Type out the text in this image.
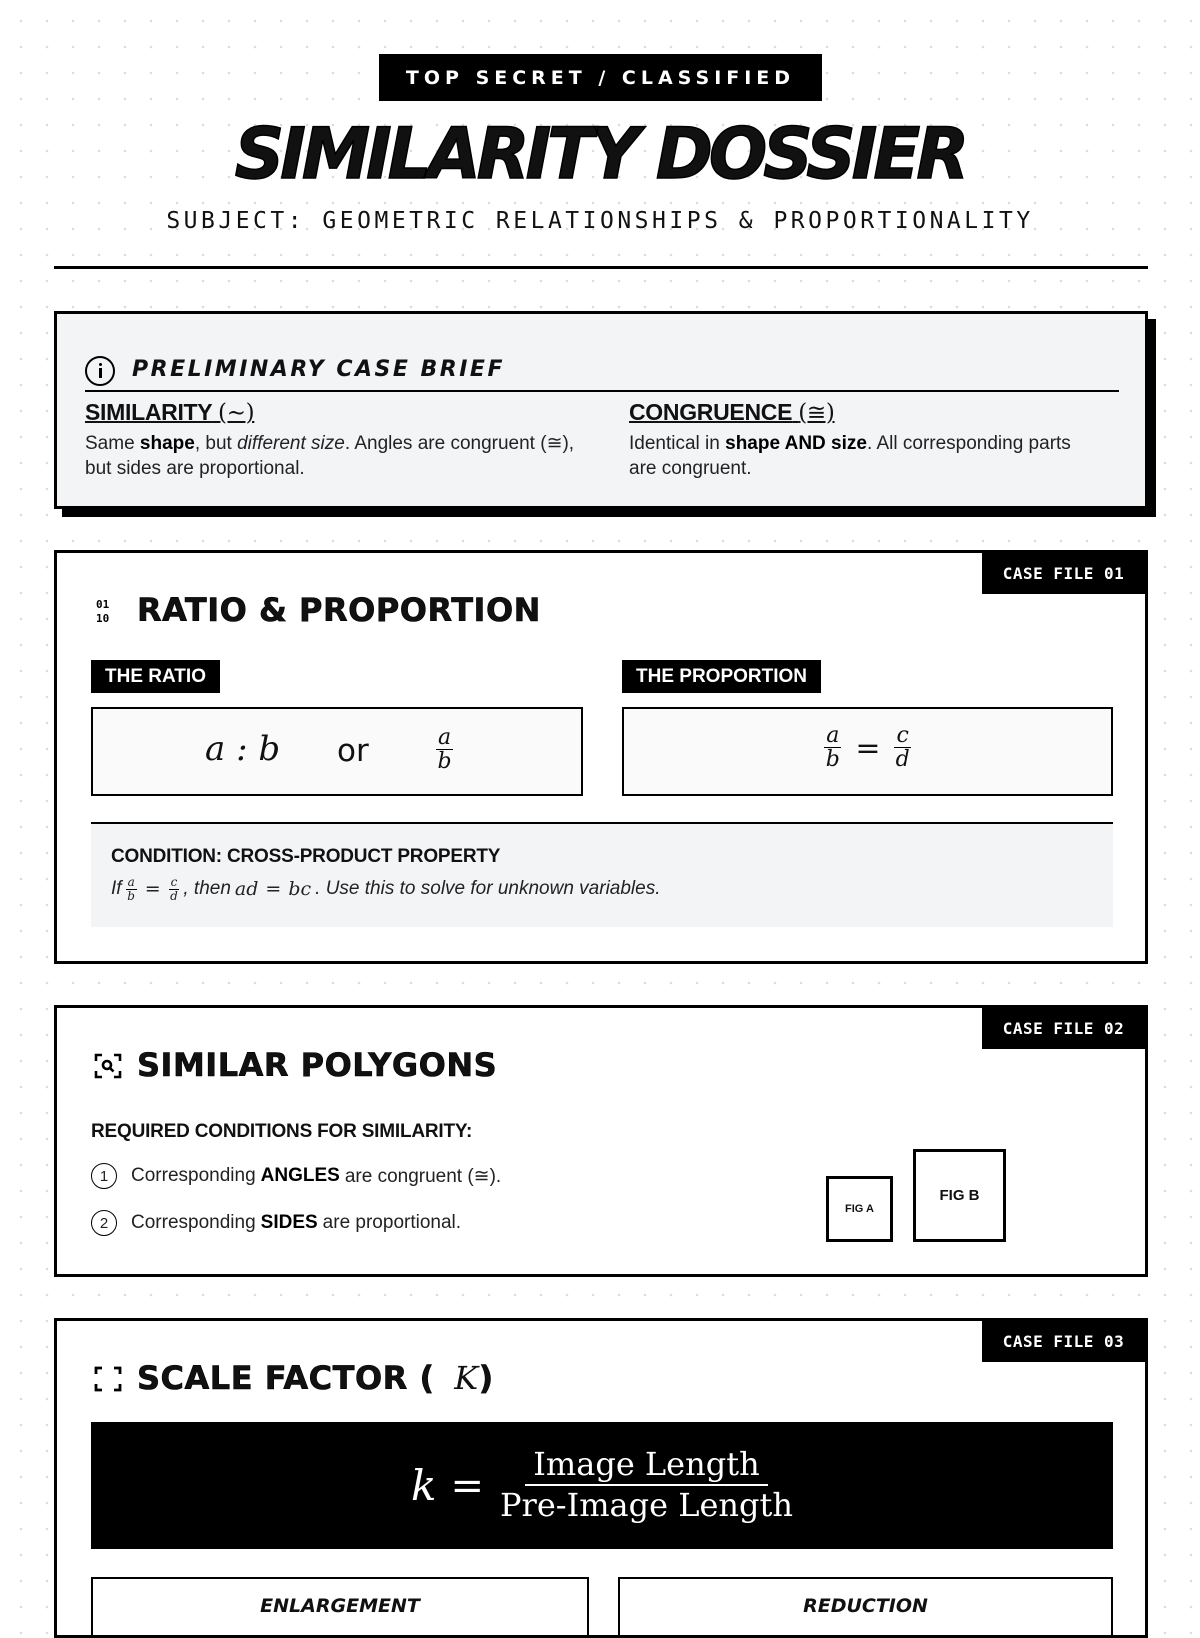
TOP SECRET / CLASSIFIED
SIMILARITY DOSSIER
SUBJECT: GEOMETRIC RELATIONSHIPS & PROPORTIONALITY
PRELIMINARY CASE BRIEF
SIMILARITY (∼)
Same shape, but different size. Angles are congruent (≅), but sides are proportional.
CONGRUENCE (≅)
Identical in shape AND size. All corresponding parts are congruent.
CASE FILE 01
01
10 RATIO & PROPORTION
THE RATIO
a : b or	$\frac{a}{b}$
THE PROPORTION
$\frac{a}{b} = \frac{c}{d}$
CONDITION: CROSS-PRODUCT PROPERTY
If $\frac{a}{b} = \frac{c}{d}$ , then ad = bc . Use this to solve for unknown variables.
CASE FILE 02
SIMILAR POLYGONS
REQUIRED CONDITIONS FOR SIMILARITY:
1	Corresponding ANGLES are congruent (≅).
2	Corresponding SIDES are proportional.
FIG A
FIG B
CASE FILE 03
SCALE FACTOR ( K)
$k = \frac{\text{Image Length}}{\text{Pre-Image Length}}$
ENLARGEMENT	REDUCTION
